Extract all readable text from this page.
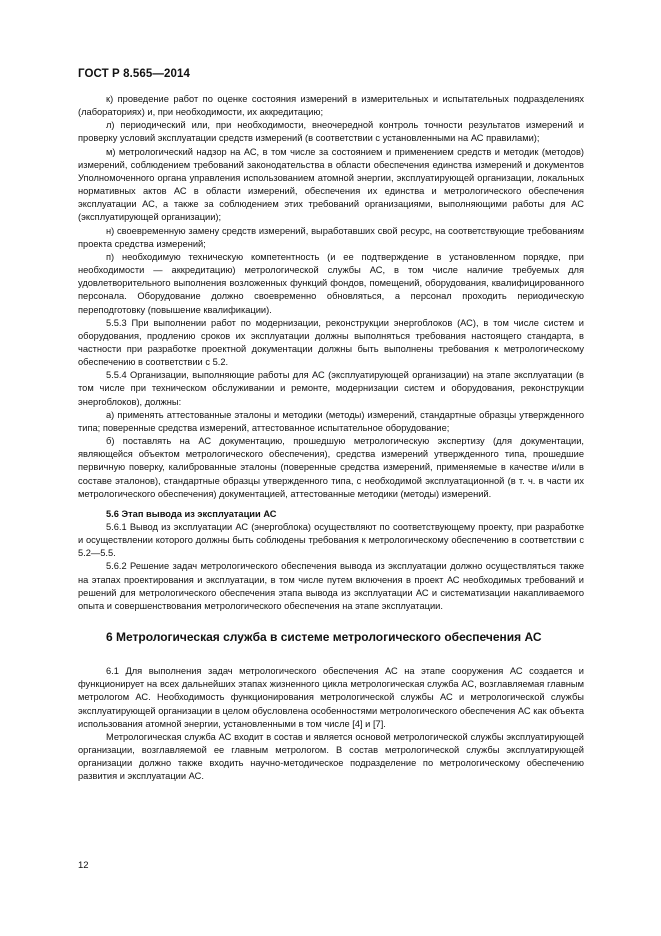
ГОСТ Р 8.565—2014

к) проведение работ по оценке состояния измерений в измерительных и испытательных подразделениях (лабораториях) и, при необходимости, их аккредитацию;

л) периодический или, при необходимости, внеочередной контроль точности результатов измерений и проверку условий эксплуатации средств измерений (в соответствии с установленными на АС правилами);

м) метрологический надзор на АС, в том числе за состоянием и применением средств и методик (методов) измерений, соблюдением требований законодательства в области обеспечения единства измерений и документов Уполномоченного органа управления использованием атомной энергии, эксплуатирующей организации, локальных нормативных актов АС в области измерений, обеспечения их единства и метрологического обеспечения эксплуатации АС, а также за соблюдением этих требований организациями, выполняющими работы для АС (эксплуатирующей организации);

н) своевременную замену средств измерений, выработавших свой ресурс, на соответствующие требованиям проекта средства измерений;

п) необходимую техническую компетентность (и ее подтверждение в установленном порядке, при необходимости — аккредитацию) метрологической службы АС, в том числе наличие требуемых для удовлетворительного выполнения возложенных функций фондов, помещений, оборудования, квалифицированного персонала. Оборудование должно своевременно обновляться, а персонал проходить периодическую переподготовку (повышение квалификации).

5.5.3 При выполнении работ по модернизации, реконструкции энергоблоков (АС), в том числе систем и оборудования, продлению сроков их эксплуатации должны выполняться требования настоящего стандарта, в частности при разработке проектной документации должны быть выполнены требования к метрологическому обеспечению в соответствии с 5.2.

5.5.4 Организации, выполняющие работы для АС (эксплуатирующей организации) на этапе эксплуатации (в том числе при техническом обслуживании и ремонте, модернизации систем и оборудования, реконструкции энергоблоков), должны:

а) применять аттестованные эталоны и методики (методы) измерений, стандартные образцы утвержденного типа; поверенные средства измерений, аттестованное испытательное оборудование;

б) поставлять на АС документацию, прошедшую метрологическую экспертизу (для документации, являющейся объектом метрологического обеспечения), средства измерений утвержденного типа, прошедшие первичную поверку, калиброванные эталоны (поверенные средства измерений, применяемые в качестве и/или в составе эталонов), стандартные образцы утвержденного типа, с необходимой эксплуатационной (в т. ч. в части их метрологического обеспечения) документацией, аттестованные методики (методы) измерений.

5.6 Этап вывода из эксплуатации АС

5.6.1 Вывод из эксплуатации АС (энергоблока) осуществляют по соответствующему проекту, при разработке и осуществлении которого должны быть соблюдены требования к метрологическому обеспечению в соответствии с 5.2—5.5.

5.6.2 Решение задач метрологического обеспечения вывода из эксплуатации должно осуществляться также на этапах проектирования и эксплуатации, в том числе путем включения в проект АС необходимых требований и решений для метрологического обеспечения этапа вывода из эксплуатации АС и систематизации накапливаемого опыта и совершенствования метрологического обеспечения на этапе эксплуатации.

6 Метрологическая служба в системе метрологического обеспечения АС

6.1 Для выполнения задач метрологического обеспечения АС на этапе сооружения АС создается и функционирует на всех дальнейших этапах жизненного цикла метрологическая служба АС, возглавляемая главным метрологом АС. Необходимость функционирования метрологической службы АС и метрологической службы эксплуатирующей организации в целом обусловлена особенностями метрологического обеспечения АС как объекта использования атомной энергии, установленными в том числе [4] и [7].

Метрологическая служба АС входит в состав и является основой метрологической службы эксплуатирующей организации, возглавляемой ее главным метрологом. В состав метрологической службы эксплуатирующей организации должно также входить научно-методическое подразделение по метрологическому обеспечению развития и эксплуатации АС.

12
